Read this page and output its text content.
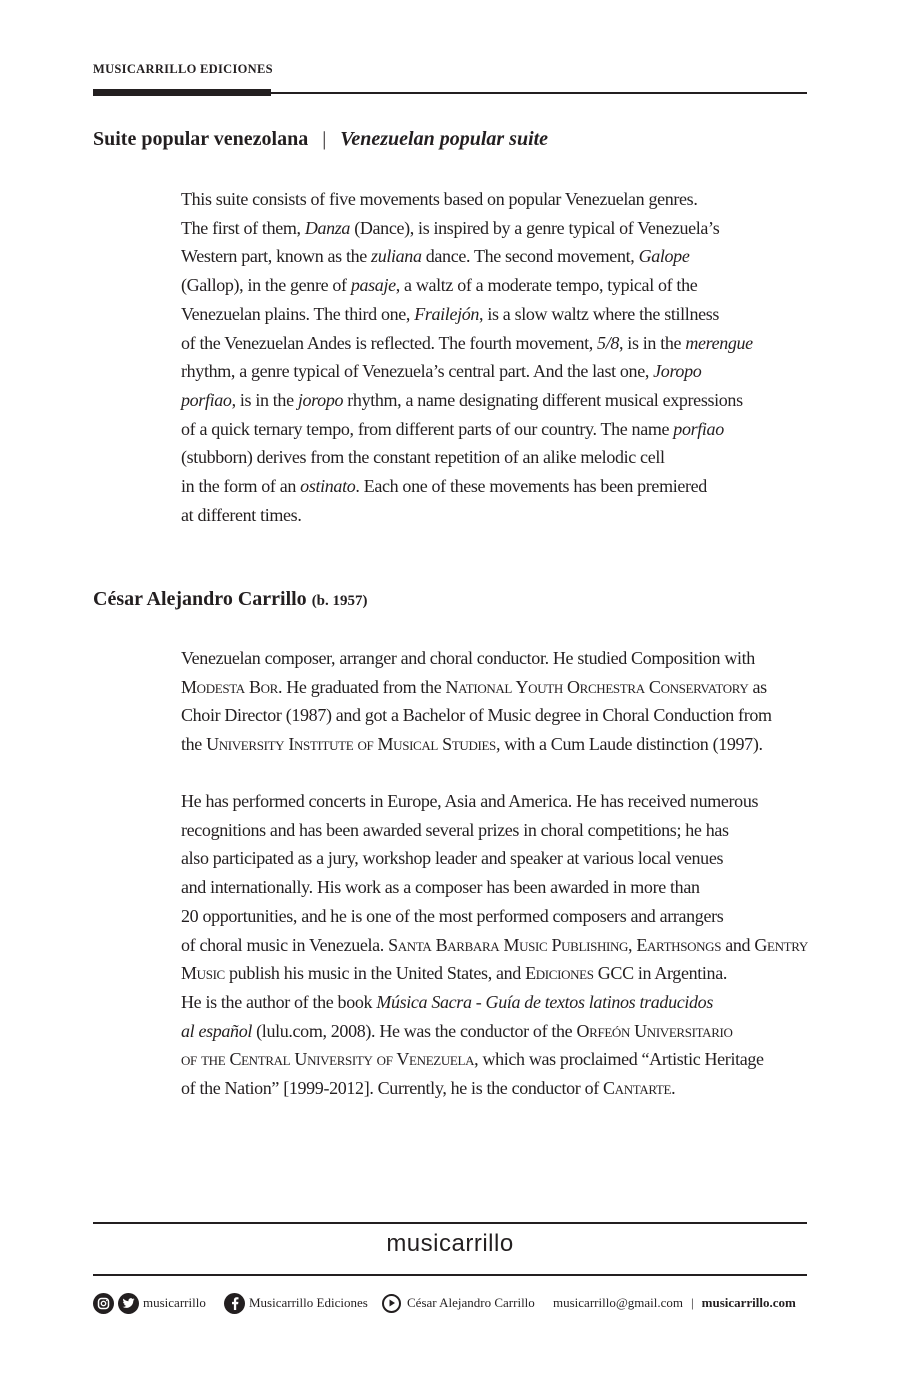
MUSICARRILLO EDICIONES
Suite popular venezolana | Venezuelan popular suite

This suite consists of five movements based on popular Venezuelan genres.
The first of them, Danza (Dance), is inspired by a genre typical of Venezuela’s
Western part, known as the zuliana dance. The second movement, Galope
(Gallop), in the genre of pasaje, a waltz of a moderate tempo, typical of the
Venezuelan plains. The third one, Frailejón, is a slow waltz where the stillness
of the Venezuelan Andes is reflected. The fourth movement, 5/8, is in the merengue
rhythm, a genre typical of Venezuela’s central part. And the last one, Joropo
porfiao, is in the joropo rhythm, a name designating different musical expressions
of a quick ternary tempo, from different parts of our country. The name porfiao
(stubborn) derives from the constant repetition of an alike melodic cell
in the form of an ostinato. Each one of these movements has been premiered
at different times.

César Alejandro Carrillo (b. 1957)

Venezuelan composer, arranger and choral conductor. He studied Composition with
Modesta Bor. He graduated from the National Youth Orchestra Conservatory as
Choir Director (1987) and got a Bachelor of Music degree in Choral Conduction from
the University Institute of Musical Studies, with a Cum Laude distinction (1997).

He has performed concerts in Europe, Asia and America. He has received numerous
recognitions and has been awarded several prizes in choral competitions; he has
also participated as a jury, workshop leader and speaker at various local venues
and internationally. His work as a composer has been awarded in more than
20 opportunities, and he is one of the most performed composers and arrangers
of choral music in Venezuela. Santa Barbara Music Publishing, Earthsongs and Gentry
Music publish his music in the United States, and Ediciones GCC in Argentina.
He is the author of the book Música Sacra - Guía de textos latinos traducidos
al español (lulu.com, 2008). He was the conductor of the Orfeón Universitario
of the Central University of Venezuela, which was proclaimed “Artistic Heritage
of the Nation” [1999-2012]. Currently, he is the conductor of Cantarte.

musicarrillo
musicarrillo	Musicarrillo Ediciones	César Alejandro Carrillo musicarrillo@gmail.com | musicarrillo.com
